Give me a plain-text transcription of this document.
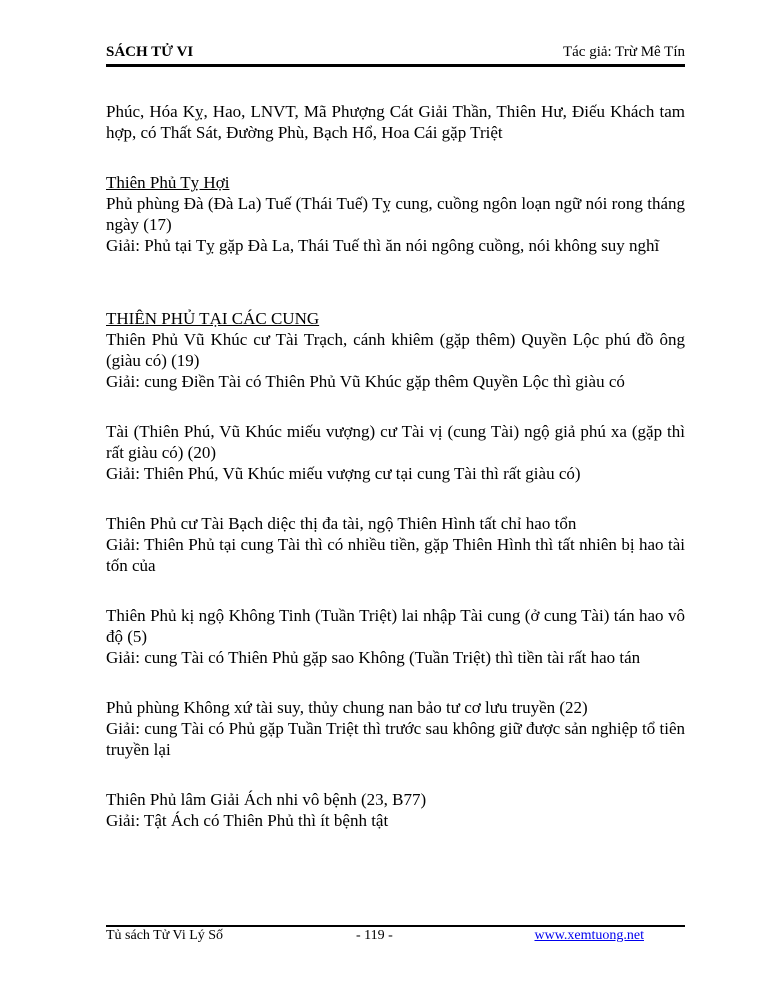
SÁCH TỬ VI	Tác giả: Trừ Mê Tín

Phúc, Hóa Kỵ, Hao, LNVT, Mã Phượng Cát Giải Thần, Thiên Hư, Điếu Khách tam hợp, có Thất Sát, Đường Phù, Bạch Hổ, Hoa Cái gặp Triệt

Thiên Phủ Tỵ Hợi

Phủ phùng Đà (Đà La) Tuế (Thái Tuế) Tỵ cung, cuồng ngôn loạn ngữ nói rong tháng ngày (17)

Giải: Phủ tại Tỵ gặp Đà La, Thái Tuế thì ăn nói ngông cuồng, nói không suy nghĩ

THIÊN PHỦ TẠI CÁC CUNG

Thiên Phủ Vũ Khúc cư Tài Trạch, cánh khiêm (gặp thêm) Quyền Lộc phú đồ ông (giàu có) (19)

Giải: cung Điền Tài có Thiên Phủ Vũ Khúc gặp thêm Quyền Lộc thì giàu có

Tài (Thiên Phú, Vũ Khúc miếu vượng) cư Tài vị (cung Tài) ngộ giả phú xa (gặp thì rất giàu có) (20)

Giải: Thiên Phú, Vũ Khúc miếu vượng cư tại cung Tài thì rất giàu có)

Thiên Phủ cư Tài Bạch diệc thị đa tài, ngộ Thiên Hình tất chỉ hao tổn

Giải: Thiên Phủ tại cung Tài thì có nhiều tiền, gặp Thiên Hình thì tất nhiên bị hao tài tốn của

Thiên Phủ kị ngộ Không Tinh (Tuần Triệt) lai nhập Tài cung (ở cung Tài) tán hao vô độ (5)

Giải: cung Tài có Thiên Phủ gặp sao Không (Tuần Triệt) thì tiền tài rất hao tán

Phủ phùng Không xứ tài suy, thủy chung nan bảo tư cơ lưu truyền (22)

Giải: cung Tài có Phủ gặp Tuần Triệt thì trước sau không giữ được sản nghiệp tổ tiên truyền lại

Thiên Phủ lâm Giải Ách nhi vô bệnh (23, B77)

Giải: Tật Ách có Thiên Phủ thì ít bệnh tật

Tủ sách Tử Vi Lý Số	- 119 -	www.xemtuong.net
